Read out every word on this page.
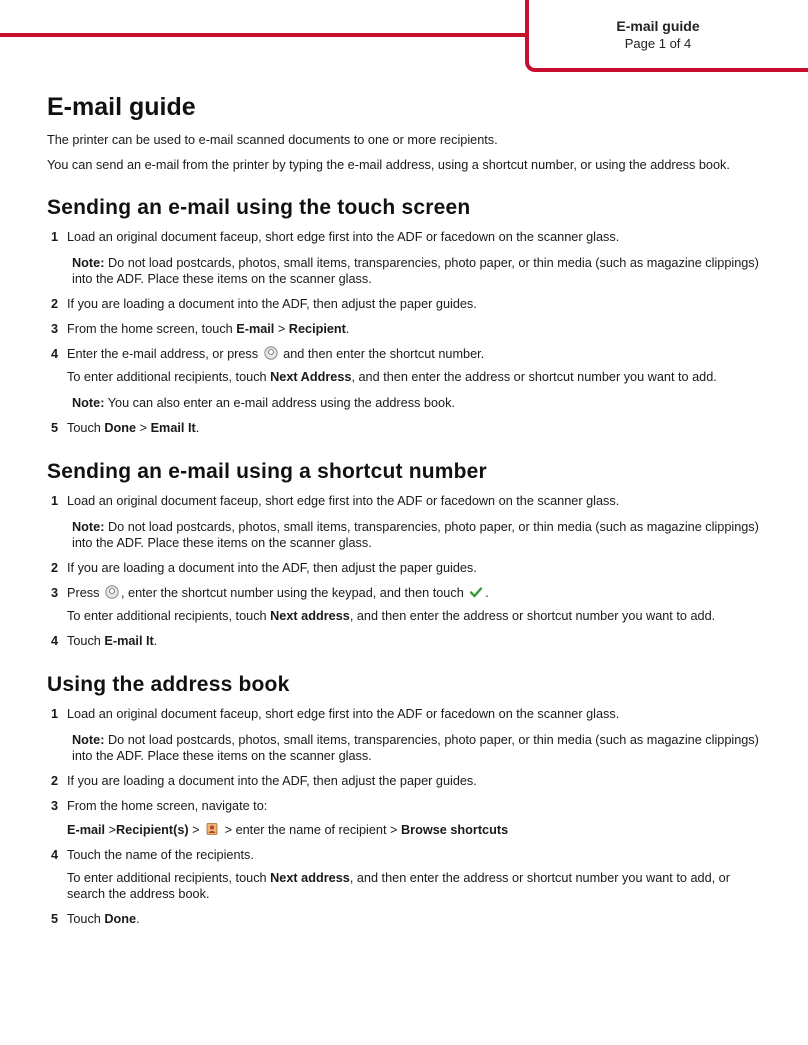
E-mail guide
Page 1 of 4
E-mail guide

The printer can be used to e-mail scanned documents to one or more recipients.

You can send an e-mail from the printer by typing the e-mail address, using a shortcut number, or using the address book.

Sending an e-mail using the touch screen
1 Load an original document faceup, short edge first into the ADF or facedown on the scanner glass.
Note: Do not load postcards, photos, small items, transparencies, photo paper, or thin media (such as magazine clippings) into the ADF. Place these items on the scanner glass.
2 If you are loading a document into the ADF, then adjust the paper guides.
3 From the home screen, touch E-mail > Recipient.
4 Enter the e-mail address, or press and then enter the shortcut number.
To enter additional recipients, touch Next Address, and then enter the address or shortcut number you want to add.
Note: You can also enter an e-mail address using the address book.
5 Touch Done > Email It.
Sending an e-mail using a shortcut number
1 Load an original document faceup, short edge first into the ADF or facedown on the scanner glass.
Note: Do not load postcards, photos, small items, transparencies, photo paper, or thin media (such as magazine clippings) into the ADF. Place these items on the scanner glass.
2 If you are loading a document into the ADF, then adjust the paper guides.
3 Press , enter the shortcut number using the keypad, and then touch .
To enter additional recipients, touch Next address, and then enter the address or shortcut number you want to add.
4 Touch E-mail It.
Using the address book
1 Load an original document faceup, short edge first into the ADF or facedown on the scanner glass.
Note: Do not load postcards, photos, small items, transparencies, photo paper, or thin media (such as magazine clippings) into the ADF. Place these items on the scanner glass.
2 If you are loading a document into the ADF, then adjust the paper guides.
3 From the home screen, navigate to:
E-mail >Recipient(s) > > enter the name of recipient > Browse shortcuts
4 Touch the name of the recipients.
To enter additional recipients, touch Next address, and then enter the address or shortcut number you want to add, or search the address book.
5 Touch Done.
